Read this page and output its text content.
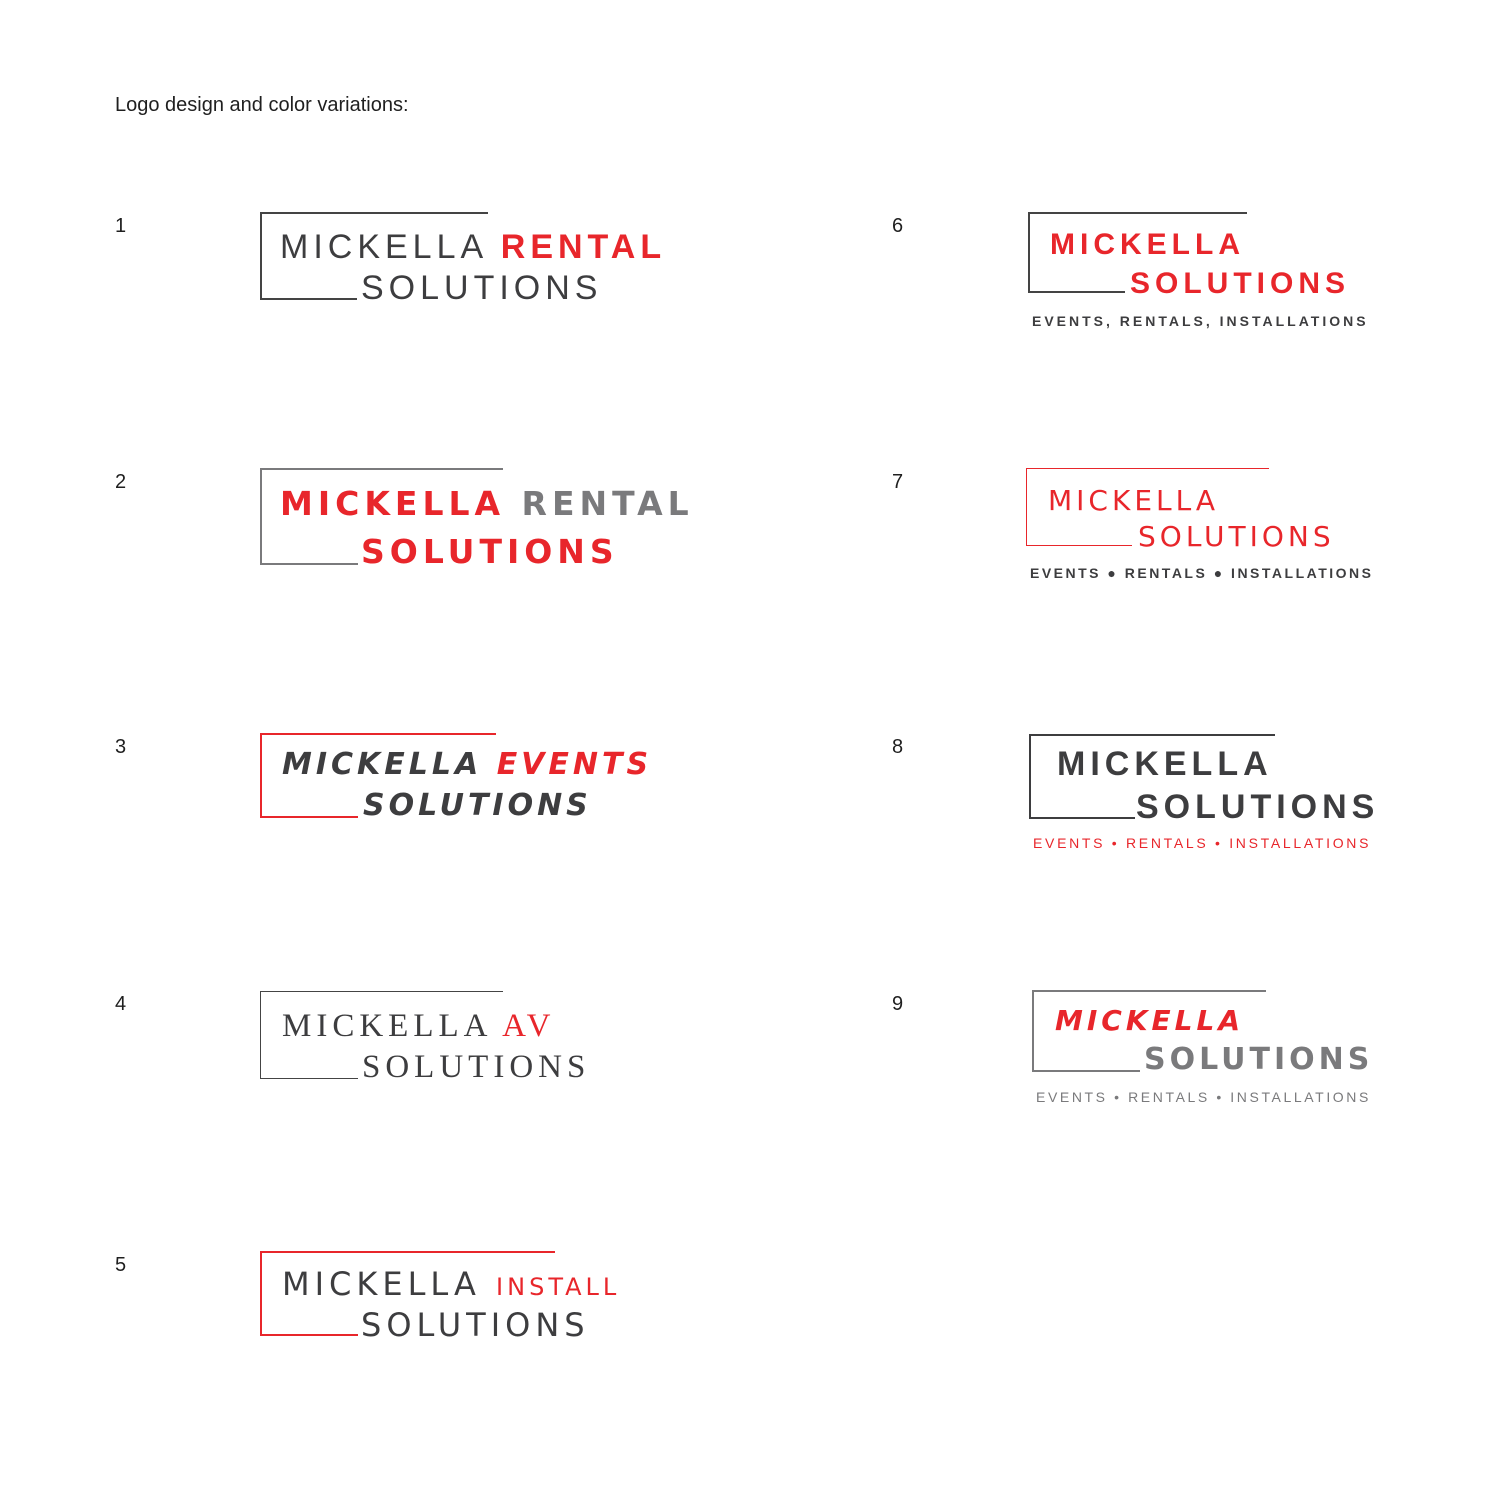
Logo design and color variations:
1
2
3
4
5
6
7
8
9
MICKELLA RENTAL
SOLUTIONS
MICKELLA RENTAL
SOLUTIONS
MICKELLA EVENTS
SOLUTIONS
MICKELLA AV
SOLUTIONS
MICKELLA INSTALL
SOLUTIONS
MICKELLA
SOLUTIONS
EVENTS, RENTALS, INSTALLATIONS
MICKELLA
SOLUTIONS
EVENTS ● RENTALS ● INSTALLATIONS
MICKELLA
SOLUTIONS
EVENTS • RENTALS • INSTALLATIONS
MICKELLA
SOLUTIONS
EVENTS • RENTALS • INSTALLATIONS
